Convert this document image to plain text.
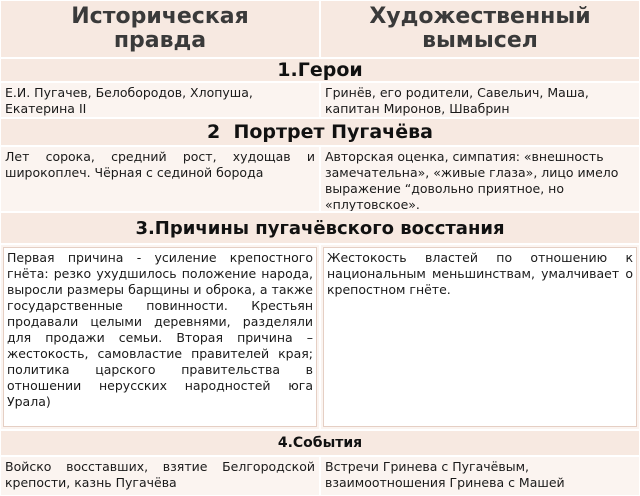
Историческая правда
Художественный вымысел
1.Герои
Е.И. Пугачев, Белобородов, Хлопуша, Екатерина II
Гринёв, его родители, Савельич, Маша, капитан Миронов, Швабрин
2  Портрет Пугачёва
Лет сорока, средний рост, худощав и широкоплеч. Чёрная с сединой борода
Авторская оценка, симпатия: «внешность замечательна», «живые глаза», лицо имело выражение “довольно приятное, но «плутовское».
3.Причины пугачёвского восстания
Первая причина - усиление крепостного гнёта: резко ухудшилось положение народа, выросли размеры барщины и оброка, а также государственные повинности. Крестьян продавали целыми деревнями, разделяли для продажи семьи. Вторая причина – жестокость, самовластие правителей края; политика царского правительства в отношении нерусских народностей юга Урала)
Жестокость властей по отношению к национальным меньшинствам, умалчивает о крепостном гнёте.
4.События
Войско восставших, взятие Белгородской крепости, казнь Пугачёва
Встречи Гринева с Пугачёвым, взаимоотношения Гринева с Машей
